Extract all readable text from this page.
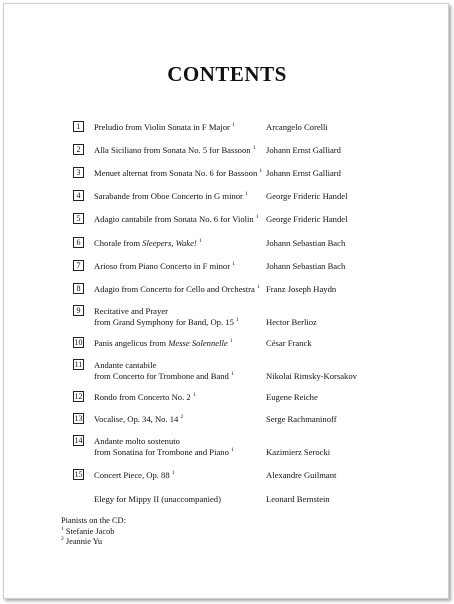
CONTENTS
1	Preludio from Violin Sonata in F Major $^1$	Arcangelo Corelli
2	Alla Siciliano from Sonata No. 5 for Bassoon $^1$ Johann Ernst Galliard
3	Menuet alternat from Sonata No. 6 for Bassoon $^1$ Johann Ernst Galliard
4	Sarabande from Oboe Concerto in G minor $^1$ George Frideric Handel
5	Adagio cantabile from Sonata No. 6 for Violin $^1$ George Frideric Handel
6	Chorale from Sleepers, Wake! $^1$	Johann Sebastian Bach
7	Arioso from Piano Concerto in F minor $^1$	Johann Sebastian Bach
8	Adagio from Concerto for Cello and Orchestra $^1$ Franz Joseph Haydn
9	Recitative and Prayer
from Grand Symphony for Band, Op. 15 $^1$	Hector Berlioz
10 Panis angelicus from Messe Solennelle $^1$	César Franck
11 Andante cantabile
from Concerto for Trombone and Band $^1$	Nikolai Rimsky-Korsakov
12 Rondo from Concerto No. 2 $^1$	Eugene Reiche
13 Vocalise, Op. 34, No. 14 $^2$	Serge Rachmaninoff
14 Andante molto sostenuto
from Sonatina for Trombone and Piano $^1$	Kazimierz Serocki
15 Concert Piece, Op. 88 $^1$	Alexandre Guilmant
Elegy for Mippy II (unaccompanied)	Leonard Bernstein
Pianists on the CD:
$^1$ Stefanie Jacob
$^2$ Jeannie Yu
